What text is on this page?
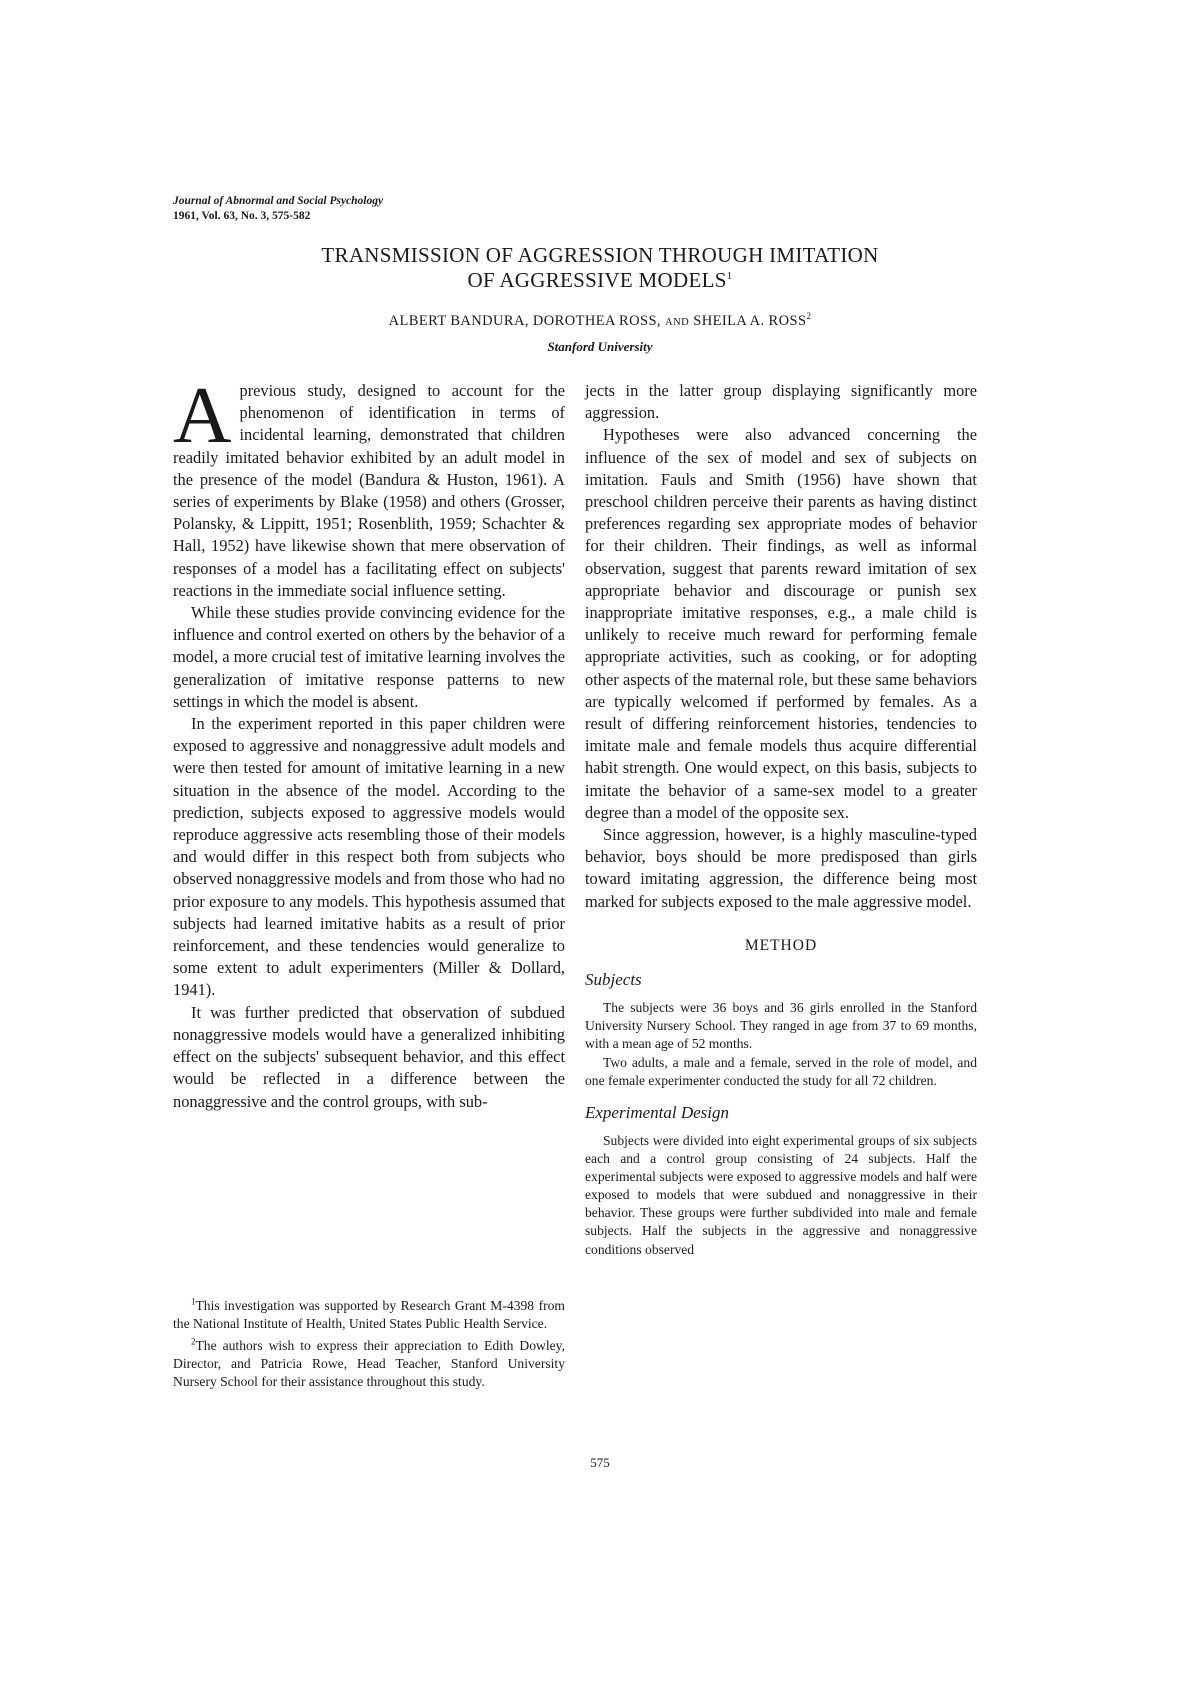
Journal of Abnormal and Social Psychology
1961, Vol. 63, No. 3, 575-582
TRANSMISSION OF AGGRESSION THROUGH IMITATION
OF AGGRESSIVE MODELS$^1$
ALBERT BANDURA, DOROTHEA ROSS, AND SHEILA A. ROSS$^2$
Stanford University

Aprevious study, designed to account for the phenomenon of identification in terms of incidental learning, demonstrated that children readily imitated behavior exhibited by an adult model in the presence of the model (Bandura & Huston, 1961). A series of experiments by Blake (1958) and others (Grosser, Polansky, & Lippitt, 1951; Rosenblith, 1959; Schachter & Hall, 1952) have likewise shown that mere observation of responses of a model has a facilitating effect on subjects' reactions in the immediate social influence setting.

While these studies provide convincing evidence for the influence and control exerted on others by the behavior of a model, a more crucial test of imitative learning involves the generalization of imitative response patterns to new settings in which the model is absent.

In the experiment reported in this paper children were exposed to aggressive and nonaggressive adult models and were then tested for amount of imitative learning in a new situation in the absence of the model. According to the prediction, subjects exposed to aggressive models would reproduce aggressive acts resembling those of their models and would differ in this respect both from subjects who observed nonaggressive models and from those who had no prior exposure to any models. This hypothesis assumed that subjects had learned imitative habits as a result of prior reinforcement, and these tendencies would generalize to some extent to adult experimenters (Miller & Dollard, 1941).

It was further predicted that observation of subdued nonaggressive models would have a generalized inhibiting effect on the subjects' subsequent behavior, and this effect would be reflected in a difference between the nonaggressive and the control groups, with sub-

$^1$This investigation was supported by Research Grant M-4398 from the National Institute of Health, United States Public Health Service.

$^2$The authors wish to express their appreciation to Edith Dowley, Director, and Patricia Rowe, Head Teacher, Stanford University Nursery School for their assistance throughout this study.

jects in the latter group displaying significantly more aggression.

Hypotheses were also advanced concerning the influence of the sex of model and sex of subjects on imitation. Fauls and Smith (1956) have shown that preschool children perceive their parents as having distinct preferences regarding sex appropriate modes of behavior for their children. Their findings, as well as informal observation, suggest that parents reward imitation of sex appropriate behavior and discourage or punish sex inappropriate imitative responses, e.g., a male child is unlikely to receive much reward for performing female appropriate activities, such as cooking, or for adopting other aspects of the maternal role, but these same behaviors are typically welcomed if performed by females. As a result of differing reinforcement histories, tendencies to imitate male and female models thus acquire differential habit strength. One would expect, on this basis, subjects to imitate the behavior of a same-sex model to a greater degree than a model of the opposite sex.

Since aggression, however, is a highly masculine-typed behavior, boys should be more predisposed than girls toward imitating aggression, the difference being most marked for subjects exposed to the male aggressive model.

METHOD
Subjects

The subjects were 36 boys and 36 girls enrolled in the Stanford University Nursery School. They ranged in age from 37 to 69 months, with a mean age of 52 months.

Two adults, a male and a female, served in the role of model, and one female experimenter conducted the study for all 72 children.

Experimental Design

Subjects were divided into eight experimental groups of six subjects each and a control group consisting of 24 subjects. Half the experimental subjects were exposed to aggressive models and half were exposed to models that were subdued and nonaggressive in their behavior. These groups were further subdivided into male and female subjects. Half the subjects in the aggressive and nonaggressive conditions observed

575
